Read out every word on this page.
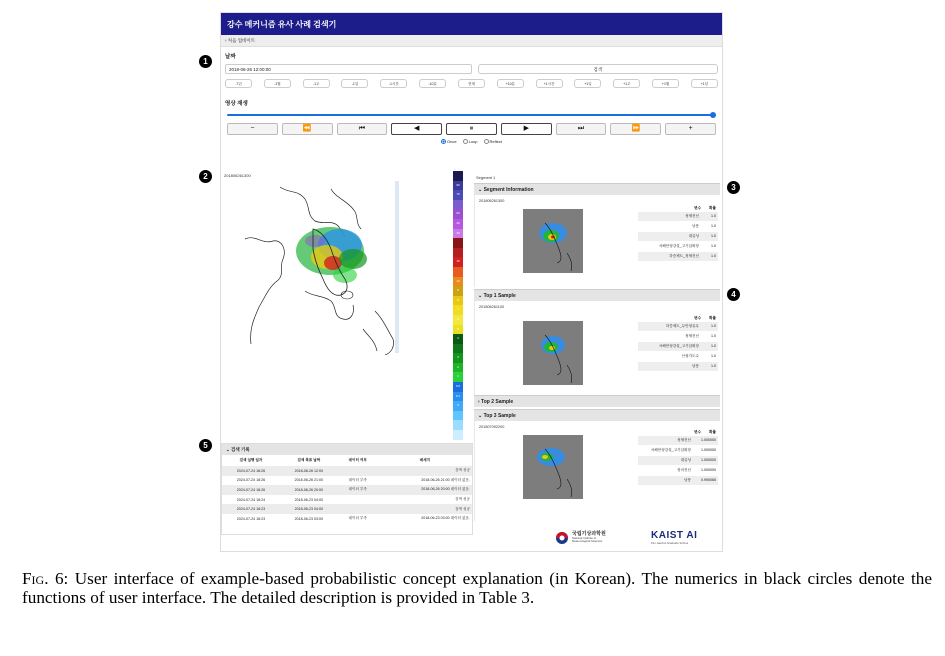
강수 메커니즘 유사 사례 검색기
› 처음 업데이트
날짜
2018-06-26 12:00:00	검색
-7년	-1월	-1주	-1일	-1시간	-10분	현재	+10분	+1시간	+1일	+1주	+1월	+1년
영상 재생
−	⏪	⏮	◀	⏸	▶	⏭	⏩	+
Once	Loop	Reflect
201806261300
90
70
60
40
30
15
10
9
8
7
6
5
4
3
2
1
0.5
0.1
0
Segment 1
⌄ Segment Information
201806261300
변수 확률
정체전선	1.0
남풍	1.0
대류성	1.0
서해안형강설_고기압확장	1.0
하층제트_정체전선	1.0
⌄ Top 1 Sample
201806261100
변수 확률
하층제트_무안형유무	1.0
정체전선	1.0
서해안형강설_고기압확장	1.0
산형각도수	1.0
남풍	1.0
› Top 2 Sample
⌄ Top 3 Sample
201807092200
변수 확률
정체전선	1.000000
서해안형강설_고기압확장	1.000000
대류성	1.000000
장마전선	1.000000
남풍	0.990065
⌄ 검색 기록
검색 실행 일자	검색 목표 날짜	데이터 여부	메세지
2024-07-24 18:26	2018-06-26 12:00		검색 성공
2024-07-24 18:26	2018-06-26 21:00	데이터 부족	2018-06-26 21:00 데이터 없음.
2024-07-24 18:26	2018-06-26 20:00	데이터 부족	2018-06-26 20:00 데이터 없음.
2024-07-24 18:24	2018-06-23 04:00		검색 성공
2024-07-24 18:23	2018-06-23 04:00		검색 성공
2024-07-24 18:23	2018-06-23 03:00	데이터 부족	2018-06-23 03:00 데이터 없음.
국립기상과학원
National Institute of
Meteorological Sciences
KAIST AI
Kim Jaechul Graduate School
1
2
3
4
5
Fig. 6: User interface of example-based probabilistic concept explanation (in Korean). The numerics in black circles denote the functions of user interface. The detailed description is provided in Table 3.
